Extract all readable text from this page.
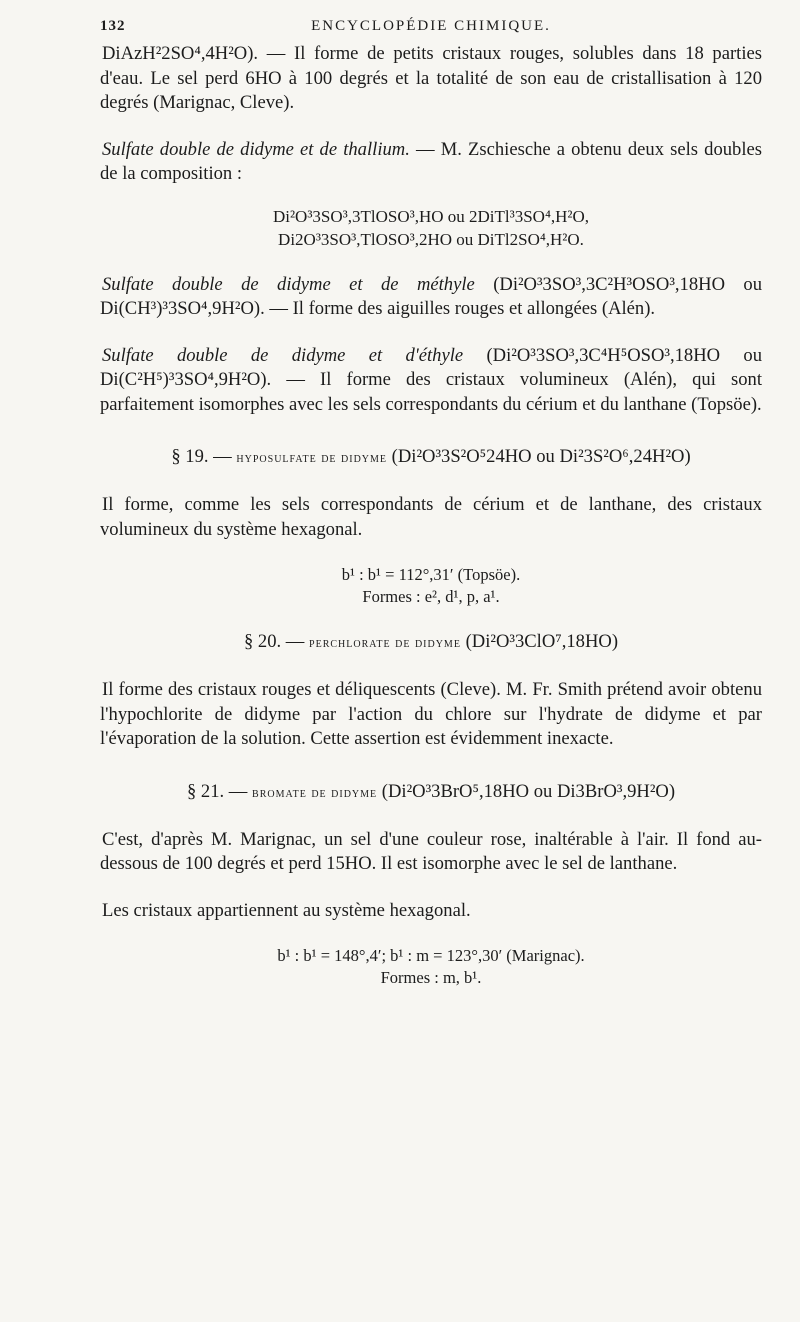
132	ENCYCLOPÉDIE CHIMIQUE.

DiAzH²2SO⁴,4H²O). — Il forme de petits cristaux rouges, solubles dans 18 parties d'eau. Le sel perd 6HO à 100 degrés et la totalité de son eau de cristallisation à 120 degrés (Marignac, Cleve).

Sulfate double de didyme et de thallium. — M. Zschiesche a obtenu deux sels doubles de la composition :

Di²O³3SO³,3TlOSO³,HO ou 2DiTl³3SO⁴,H²O,
Di2O³3SO³,TlOSO³,2HO ou DiTl2SO⁴,H²O.

Sulfate double de didyme et de méthyle (Di²O³3SO³,3C²H³OSO³,18HO ou Di(CH³)³3SO⁴,9H²O). — Il forme des aiguilles rouges et allongées (Alén).

Sulfate double de didyme et d'éthyle (Di²O³3SO³,3C⁴H⁵OSO³,18HO ou Di(C²H⁵)³3SO⁴,9H²O). — Il forme des cristaux volumineux (Alén), qui sont parfaitement isomorphes avec les sels correspondants du cérium et du lanthane (Topsöe).

§ 19. — hyposulfate de didyme (Di²O³3S²O⁵24HO ou Di²3S²O⁶,24H²O)

Il forme, comme les sels correspondants de cérium et de lanthane, des cristaux volumineux du système hexagonal.

b¹ : b¹ = 112°,31′ (Topsöe).
Formes : e², d¹, p, a¹.
§ 20. — perchlorate de didyme (Di²O³3ClO⁷,18HO)

Il forme des cristaux rouges et déliquescents (Cleve). M. Fr. Smith prétend avoir obtenu l'hypochlorite de didyme par l'action du chlore sur l'hydrate de didyme et par l'évaporation de la solution. Cette assertion est évidemment inexacte.

§ 21. — bromate de didyme (Di²O³3BrO⁵,18HO ou Di3BrO³,9H²O)

C'est, d'après M. Marignac, un sel d'une couleur rose, inaltérable à l'air. Il fond au-dessous de 100 degrés et perd 15HO. Il est isomorphe avec le sel de lanthane.

Les cristaux appartiennent au système hexagonal.

b¹ : b¹ = 148°,4′; b¹ : m = 123°,30′ (Marignac).
Formes : m, b¹.
